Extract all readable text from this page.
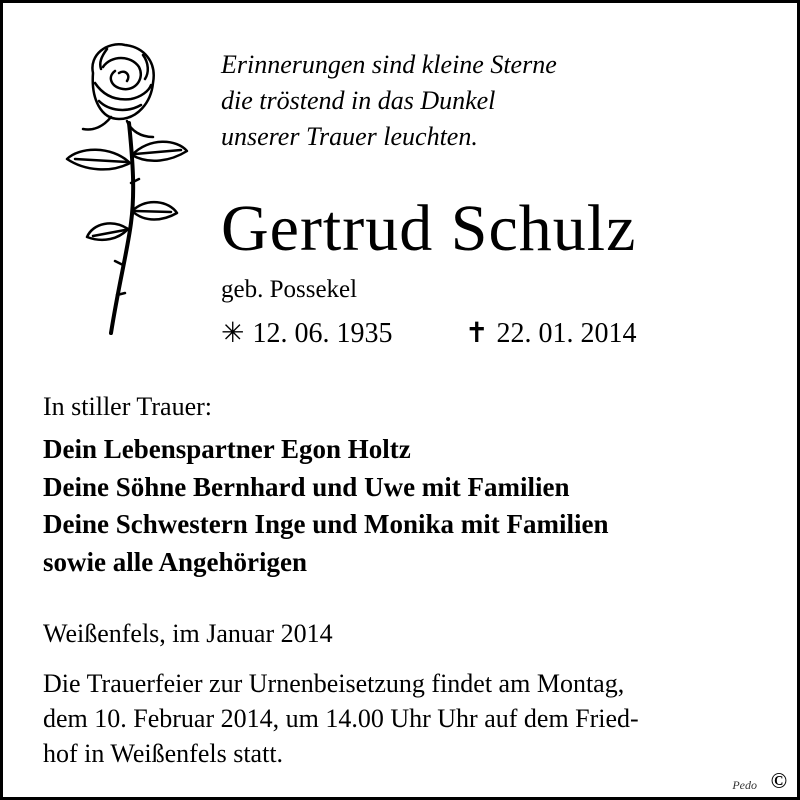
Erinnerungen sind kleine Sterne
die tröstend in das Dunkel
unserer Trauer leuchten.
Gertrud Schulz
geb. Possekel
✳ 12. 06. 1935	✝ 22. 01. 2014
In stiller Trauer:
Dein Lebenspartner Egon Holtz
Deine Söhne Bernhard und Uwe mit Familien
Deine Schwestern Inge und Monika mit Familien
sowie alle Angehörigen
Weißenfels, im Januar 2014
Die Trauerfeier zur Urnenbeisetzung findet am Montag,
dem 10. Februar 2014, um 14.00 Uhr Uhr auf dem Fried-
hof in Weißenfels statt.
Pedo ©
